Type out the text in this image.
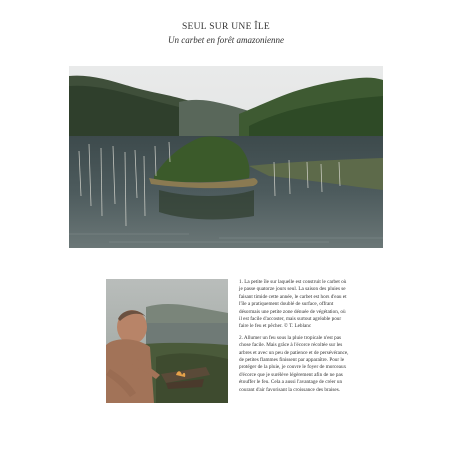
SEUL SUR UNE ÎLE
Un carbet en forêt amazonienne

1. La petite île sur laquelle est construit le carbet où je passe quatorze jours seul. La saison des pluies se faisant timide cette année, le carbet est hors d'eau et l'île a pratiquement doublé de surface, offrant désormais une petite zone dénuée de végétation, où il est facile d'accoster, mais surtout agréable pour faire le feu et pêcher. © T. Leblanc

2. Allumer un feu sous la pluie tropicale n'est pas chose facile. Mais grâce à l'écorce récoltée sur les arbres et avec un peu de patience et de persévérance, de petites flammes finissent par apparaître. Pour le protéger de la pluie, je couvre le foyer de morceaux d'écorce que je surélève légèrement afin de ne pas étouffer le feu. Cela a aussi l'avantage de créer un courant d'air favorisant la croissance des braises.
